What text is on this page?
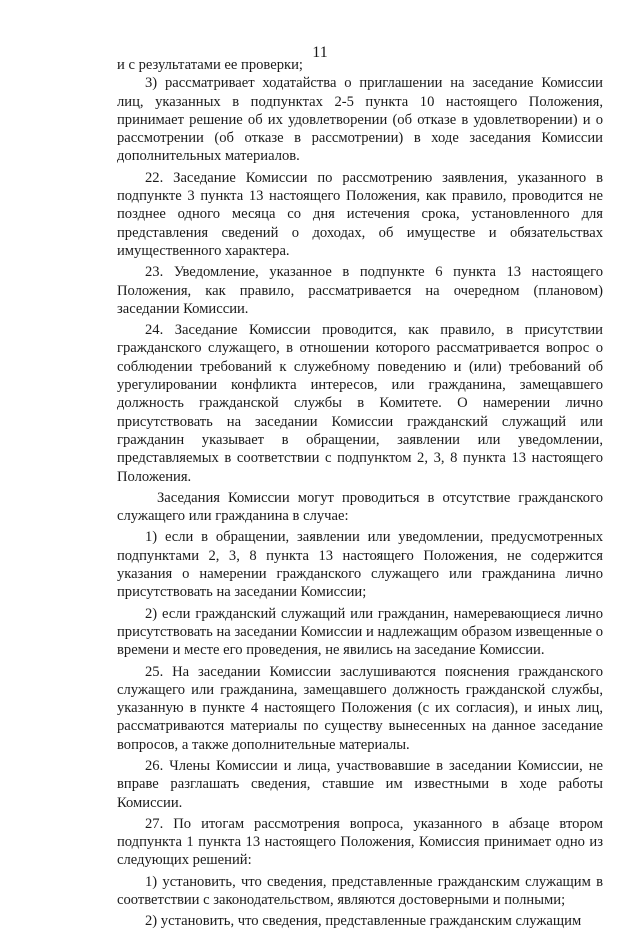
11

и с результатами ее проверки;

3) рассматривает ходатайства о приглашении на заседание Комиссии лиц, указанных в подпунктах 2-5 пункта 10 настоящего Положения, принимает решение об их удовлетворении (об отказе в удовлетворении) и о рассмотрении (об отказе в рассмотрении) в ходе заседания Комиссии дополнительных материалов.

22. Заседание Комиссии по рассмотрению заявления, указанного в подпункте 3 пункта 13 настоящего Положения, как правило, проводится не позднее одного месяца со дня истечения срока, установленного для представления сведений о доходах, об имуществе и обязательствах имущественного характера.

23. Уведомление, указанное в подпункте 6 пункта 13 настоящего Положения, как правило, рассматривается на очередном (плановом) заседании Комиссии.

24. Заседание Комиссии проводится, как правило, в присутствии гражданского служащего, в отношении которого рассматривается вопрос о соблюдении требований к служебному поведению и (или) требований об урегулировании конфликта интересов, или гражданина, замещавшего должность гражданской службы в Комитете. О намерении лично присутствовать на заседании Комиссии гражданский служащий или гражданин указывает в обращении, заявлении или уведомлении, представляемых в соответствии с подпунктом 2, 3, 8 пункта 13 настоящего Положения.

Заседания Комиссии могут проводиться в отсутствие гражданского служащего или гражданина в случае:

1) если в обращении, заявлении или уведомлении, предусмотренных подпунктами 2, 3, 8 пункта 13 настоящего Положения, не содержится указания о намерении гражданского служащего или гражданина лично присутствовать на заседании Комиссии;

2) если гражданский служащий или гражданин, намеревающиеся лично присутствовать на заседании Комиссии и надлежащим образом извещенные о времени и месте его проведения, не явились на заседание Комиссии.

25. На заседании Комиссии заслушиваются пояснения гражданского служащего или гражданина, замещавшего должность гражданской службы, указанную в пункте 4 настоящего Положения (с их согласия), и иных лиц, рассматриваются материалы по существу вынесенных на данное заседание вопросов, а также дополнительные материалы.

26. Члены Комиссии и лица, участвовавшие в заседании Комиссии, не вправе разглашать сведения, ставшие им известными в ходе работы Комиссии.

27. По итогам рассмотрения вопроса, указанного в абзаце втором подпункта 1 пункта 13 настоящего Положения, Комиссия принимает одно из следующих решений:

1) установить, что сведения, представленные гражданским служащим в соответствии с законодательством, являются достоверными и полными;

2) установить, что сведения, представленные гражданским служащим
